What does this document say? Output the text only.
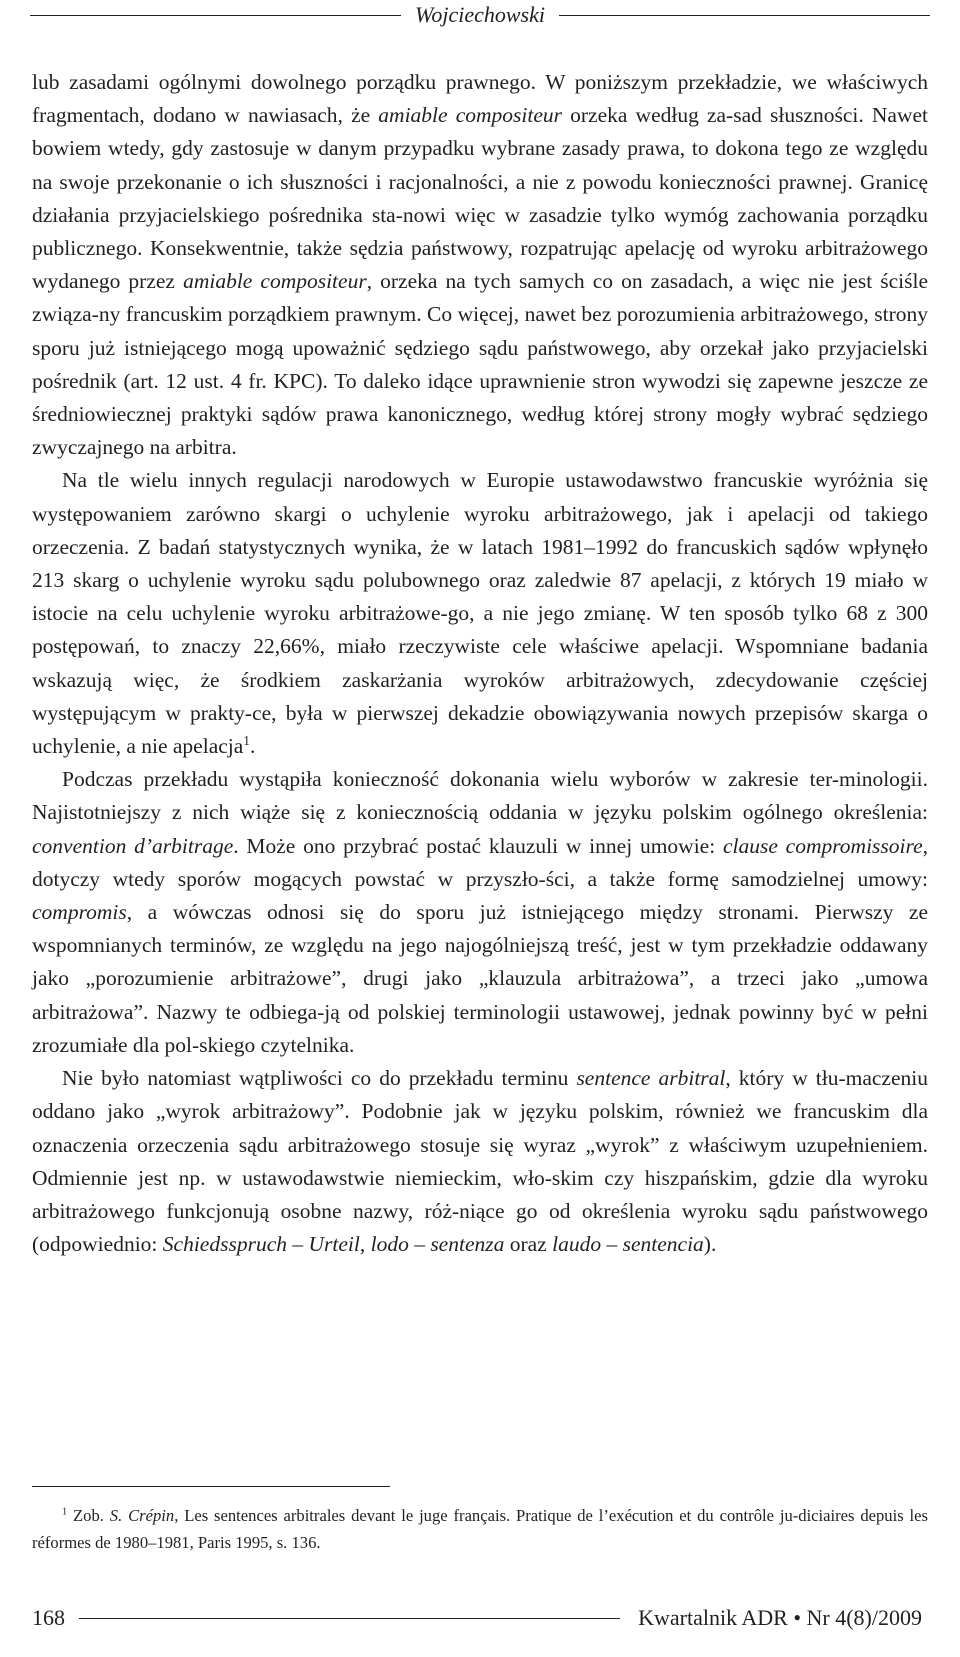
Wojciechowski

lub zasadami ogólnymi dowolnego porządku prawnego. W poniższym przekładzie, we właściwych fragmentach, dodano w nawiasach, że amiable compositeur orzeka według za-sad słuszności. Nawet bowiem wtedy, gdy zastosuje w danym przypadku wybrane zasady prawa, to dokona tego ze względu na swoje przekonanie o ich słuszności i racjonalności, a nie z powodu konieczności prawnej. Granicę działania przyjacielskiego pośrednika sta-nowi więc w zasadzie tylko wymóg zachowania porządku publicznego. Konsekwentnie, także sędzia państwowy, rozpatrując apelację od wyroku arbitrażowego wydanego przez amiable compositeur, orzeka na tych samych co on zasadach, a więc nie jest ściśle związa-ny francuskim porządkiem prawnym. Co więcej, nawet bez porozumienia arbitrażowego, strony sporu już istniejącego mogą upoważnić sędziego sądu państwowego, aby orzekał jako przyjacielski pośrednik (art. 12 ust. 4 fr. KPC). To daleko idące uprawnienie stron wywodzi się zapewne jeszcze ze średniowiecznej praktyki sądów prawa kanonicznego, według której strony mogły wybrać sędziego zwyczajnego na arbitra.

Na tle wielu innych regulacji narodowych w Europie ustawodawstwo francuskie wyróżnia się występowaniem zarówno skargi o uchylenie wyroku arbitrażowego, jak i apelacji od takiego orzeczenia. Z badań statystycznych wynika, że w latach 1981–1992 do francuskich sądów wpłynęło 213 skarg o uchylenie wyroku sądu polubownego oraz zaledwie 87 apelacji, z których 19 miało w istocie na celu uchylenie wyroku arbitrażowe-go, a nie jego zmianę. W ten sposób tylko 68 z 300 postępowań, to znaczy 22,66%, miało rzeczywiste cele właściwe apelacji. Wspomniane badania wskazują więc, że środkiem zaskarżania wyroków arbitrażowych, zdecydowanie częściej występującym w prakty-ce, była w pierwszej dekadzie obowiązywania nowych przepisów skarga o uchylenie, a nie apelacja$^1$.

Podczas przekładu wystąpiła konieczność dokonania wielu wyborów w zakresie ter-minologii. Najistotniejszy z nich wiąże się z koniecznością oddania w języku polskim ogólnego określenia: convention d’arbitrage. Może ono przybrać postać klauzuli w innej umowie: clause compromissoire, dotyczy wtedy sporów mogących powstać w przyszło-ści, a także formę samodzielnej umowy: compromis, a wówczas odnosi się do sporu już istniejącego między stronami. Pierwszy ze wspomnianych terminów, ze względu na jego najogólniejszą treść, jest w tym przekładzie oddawany jako „porozumienie arbitrażowe”, drugi jako „klauzula arbitrażowa”, a trzeci jako „umowa arbitrażowa”. Nazwy te odbiega-ją od polskiej terminologii ustawowej, jednak powinny być w pełni zrozumiałe dla pol-skiego czytelnika.

Nie było natomiast wątpliwości co do przekładu terminu sentence arbitral, który w tłu-maczeniu oddano jako „wyrok arbitrażowy”. Podobnie jak w języku polskim, również we francuskim dla oznaczenia orzeczenia sądu arbitrażowego stosuje się wyraz „wyrok” z właściwym uzupełnieniem. Odmiennie jest np. w ustawodawstwie niemieckim, wło-skim czy hiszpańskim, gdzie dla wyroku arbitrażowego funkcjonują osobne nazwy, róż-niące go od określenia wyroku sądu państwowego (odpowiednio: Schiedsspruch – Urteil, lodo – sentenza oraz laudo – sentencia).

$^1$ Zob. S. Crépin, Les sentences arbitrales devant le juge français. Pratique de l’exécution et du contrôle ju-diciaires depuis les réformes de 1980–1981, Paris 1995, s. 136.

168	Kwartalnik ADR • Nr 4(8)/2009
